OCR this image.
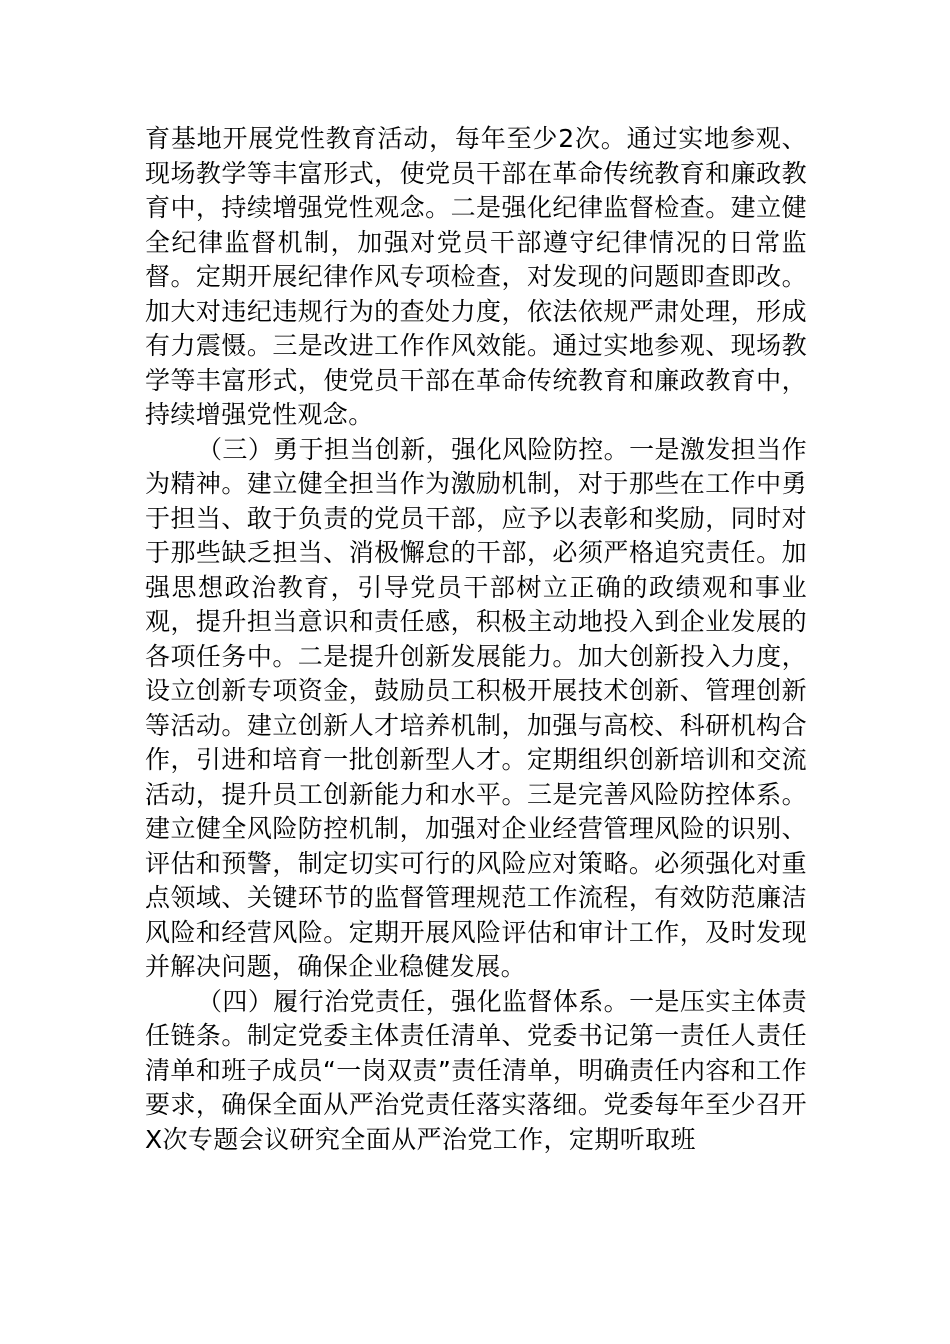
育基地开展党性教育活动，每年至少2次。通过实地参观、现场教学等丰富形式，使党员干部在革命传统教育和廉政教育中，持续增强党性观念。二是强化纪律监督检查。建立健全纪律监督机制，加强对党员干部遵守纪律情况的日常监督。定期开展纪律作风专项检查，对发现的问题即查即改。加大对违纪违规行为的查处力度，依法依规严肃处理，形成有力震慑。三是改进工作作风效能。通过实地参观、现场教学等丰富形式，使党员干部在革命传统教育和廉政教育中，持续增强党性观念。

（三）勇于担当创新，强化风险防控。一是激发担当作为精神。建立健全担当作为激励机制，对于那些在工作中勇于担当、敢于负责的党员干部，应予以表彰和奖励，同时对于那些缺乏担当、消极懈怠的干部，必须严格追究责任。加强思想政治教育，引导党员干部树立正确的政绩观和事业观，提升担当意识和责任感，积极主动地投入到企业发展的各项任务中。二是提升创新发展能力。加大创新投入力度，设立创新专项资金，鼓励员工积极开展技术创新、管理创新等活动。建立创新人才培养机制，加强与高校、科研机构合作，引进和培育一批创新型人才。定期组织创新培训和交流活动，提升员工创新能力和水平。三是完善风险防控体系。建立健全风险防控机制，加强对企业经营管理风险的识别、评估和预警，制定切实可行的风险应对策略。必须强化对重点领域、关键环节的监督管理规范工作流程，有效防范廉洁风险和经营风险。定期开展风险评估和审计工作，及时发现并解决问题，确保企业稳健发展。

（四）履行治党责任，强化监督体系。一是压实主体责任链条。制定党委主体责任清单、党委书记第一责任人责任清单和班子成员“一岗双责”责任清单，明确责任内容和工作要求，确保全面从严治党责任落实落细。党委每年至少召开X次专题会议研究全面从严治党工作，定期听取班
